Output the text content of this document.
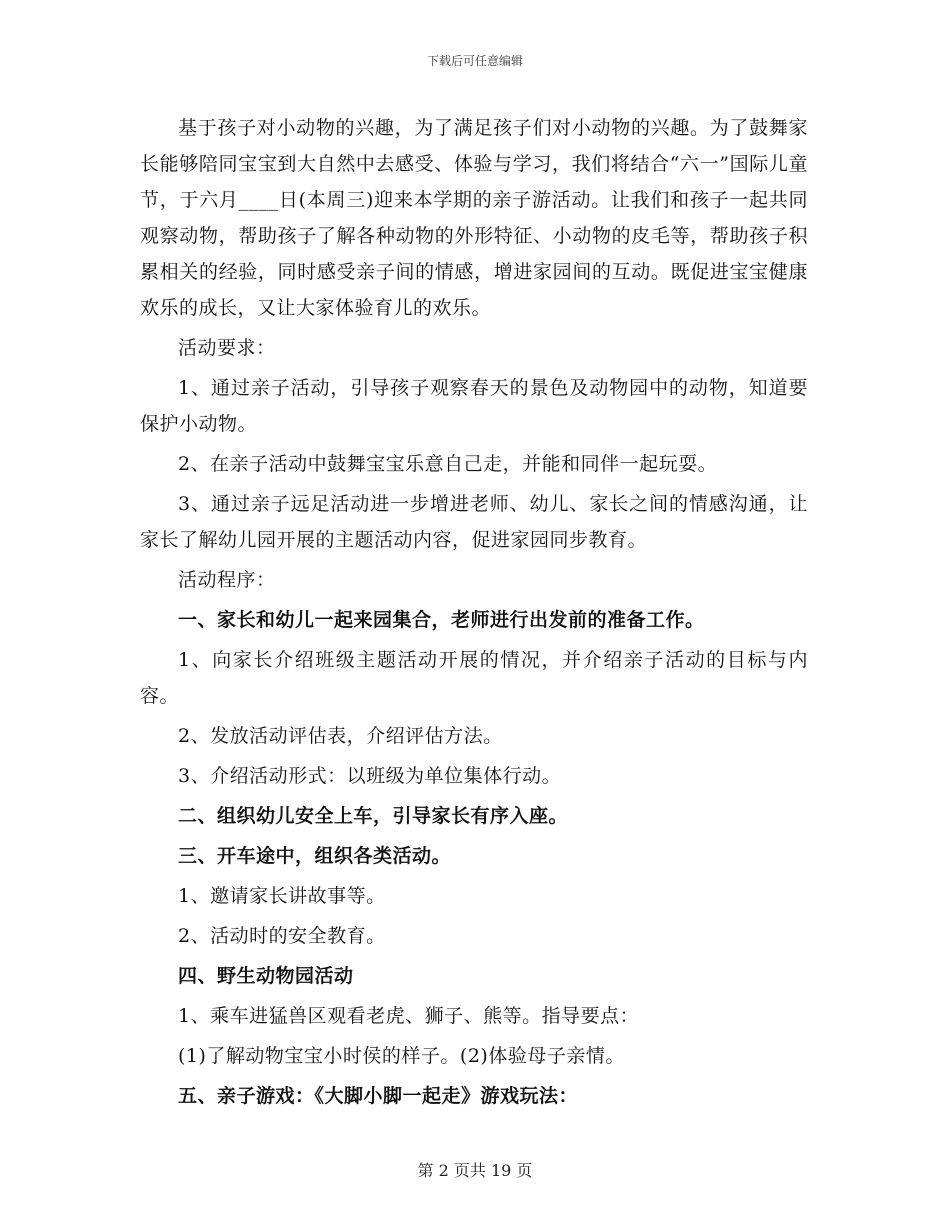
下载后可任意编辑

基于孩子对小动物的兴趣，为了满足孩子们对小动物的兴趣。为了鼓舞家长能够陪同宝宝到大自然中去感受、体验与学习，我们将结合“六一”国际儿童节，于六月____日(本周三)迎来本学期的亲子游活动。让我们和孩子一起共同观察动物，帮助孩子了解各种动物的外形特征、小动物的皮毛等，帮助孩子积累相关的经验，同时感受亲子间的情感，增进家园间的互动。既促进宝宝健康欢乐的成长，又让大家体验育儿的欢乐。

活动要求：

1、通过亲子活动，引导孩子观察春天的景色及动物园中的动物，知道要保护小动物。

2、在亲子活动中鼓舞宝宝乐意自己走，并能和同伴一起玩耍。

3、通过亲子远足活动进一步增进老师、幼儿、家长之间的情感沟通，让家长了解幼儿园开展的主题活动内容，促进家园同步教育。

活动程序：

一、家长和幼儿一起来园集合，老师进行出发前的准备工作。

1、向家长介绍班级主题活动开展的情况，并介绍亲子活动的目标与内容。

2、发放活动评估表，介绍评估方法。

3、介绍活动形式：以班级为单位集体行动。

二、组织幼儿安全上车，引导家长有序入座。

三、开车途中，组织各类活动。

1、邀请家长讲故事等。

2、活动时的安全教育。

四、野生动物园活动

1、乘车进猛兽区观看老虎、狮子、熊等。指导要点：

(1)了解动物宝宝小时侯的样子。(2)体验母子亲情。

五、亲子游戏：《大脚小脚一起走》游戏玩法：

第 2 页共 19 页
